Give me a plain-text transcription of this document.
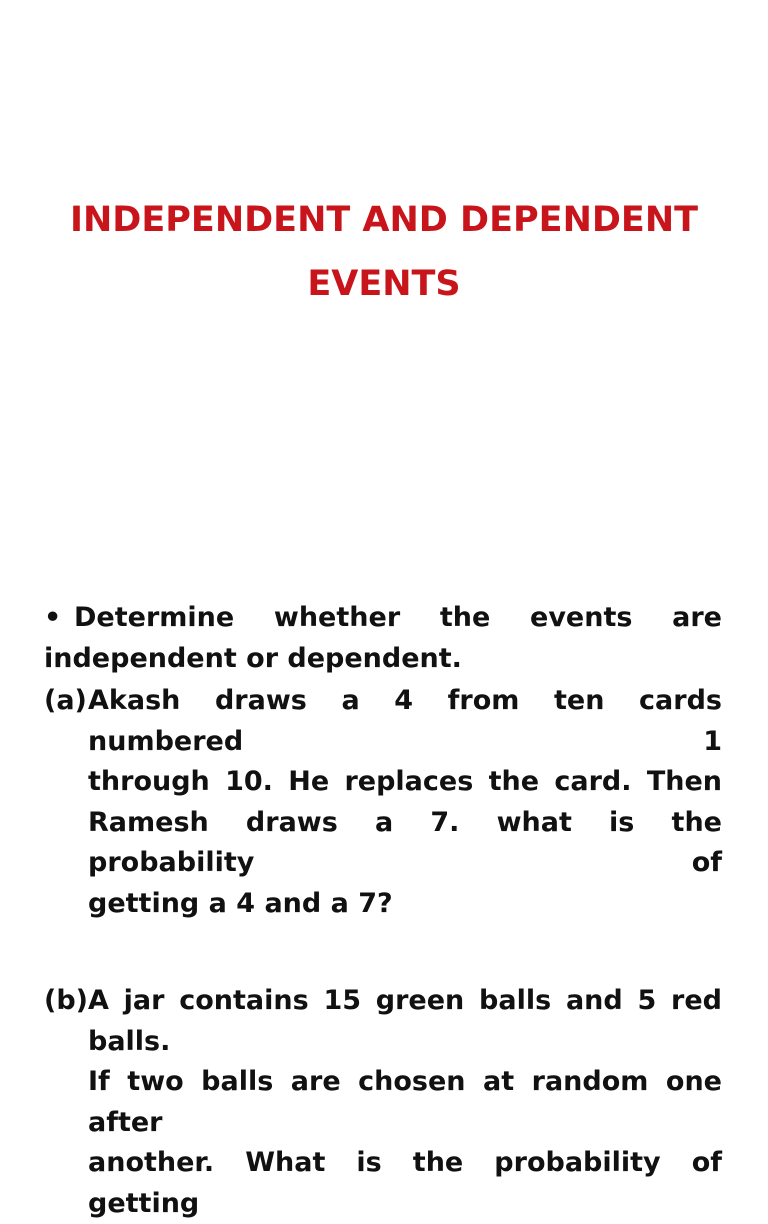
INDEPENDENT AND DEPENDENT
EVENTS
• Determine whether the events are
independent or dependent.
(a) Akash draws a 4 from ten cards numbered 1
through 10. He replaces the card. Then
Ramesh draws a 7. what is the probability of
getting a 4 and a 7?
(b) A jar contains 15 green balls and 5 red balls.
If two balls are chosen at random one after
another. What is the probability of getting
